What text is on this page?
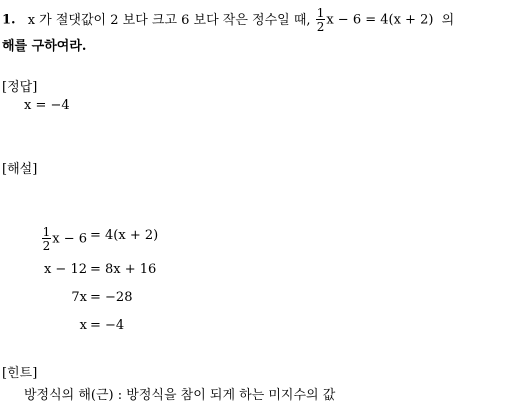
1. x 가 절댓값이 2 보다 크고 6 보다 작은 정수일 때, $\frac{1}{2}$ x − 6 = 4(x + 2) 의
해를 구하여라.
[정답]
x = −4
[해설]
$\frac{1}{2}$ x − 6 = 4(x + 2)
x − 12 = 8x + 16
7x = −28
x = −4
[힌트]
방정식의 해(근) : 방정식을 참이 되게 하는 미지수의 값
